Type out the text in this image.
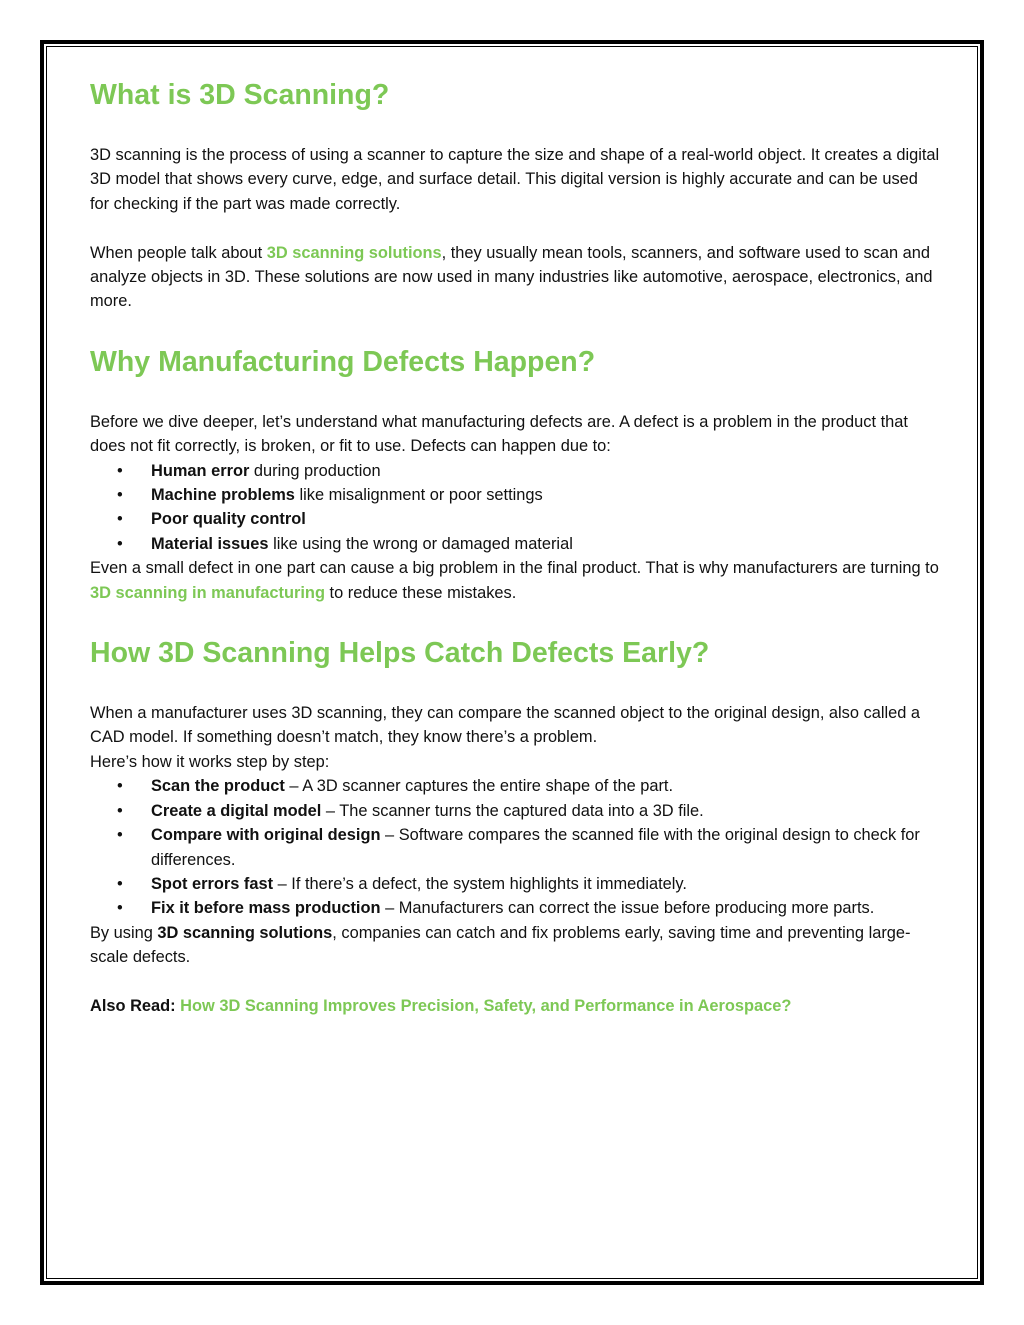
What is 3D Scanning?

3D scanning is the process of using a scanner to capture the size and shape of a real-world object. It creates a digital 3D model that shows every curve, edge, and surface detail. This digital version is highly accurate and can be used for checking if the part was made correctly.

When people talk about 3D scanning solutions, they usually mean tools, scanners, and software used to scan and analyze objects in 3D. These solutions are now used in many industries like automotive, aerospace, electronics, and more.

Why Manufacturing Defects Happen?

Before we dive deeper, let’s understand what manufacturing defects are. A defect is a problem in the product that does not fit correctly, is broken, or fit to use. Defects can happen due to:

• Human error during production
• Machine problems like misalignment or poor settings
• Poor quality control
• Material issues like using the wrong or damaged material

Even a small defect in one part can cause a big problem in the final product. That is why manufacturers are turning to 3D scanning in manufacturing to reduce these mistakes.

How 3D Scanning Helps Catch Defects Early?

When a manufacturer uses 3D scanning, they can compare the scanned object to the original design, also called a CAD model. If something doesn’t match, they know there’s a problem.

Here’s how it works step by step:

• Scan the product – A 3D scanner captures the entire shape of the part.
• Create a digital model – The scanner turns the captured data into a 3D file.
• Compare with original design – Software compares the scanned file with the original design to check for differences.
• Spot errors fast – If there’s a defect, the system highlights it immediately.
• Fix it before mass production – Manufacturers can correct the issue before producing more parts.

By using 3D scanning solutions, companies can catch and fix problems early, saving time and preventing large-scale defects.

Also Read: How 3D Scanning Improves Precision, Safety, and Performance in Aerospace?
